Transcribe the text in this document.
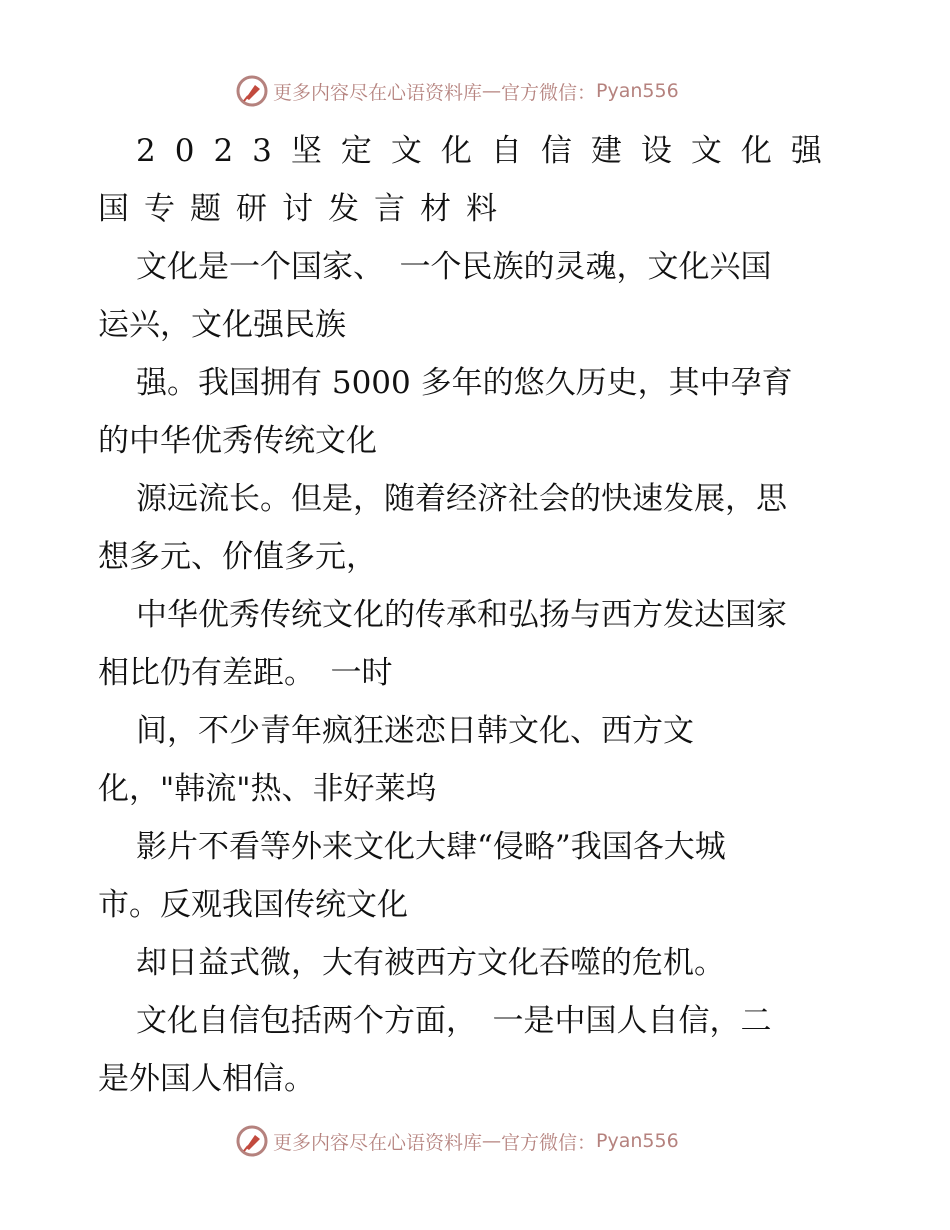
更多内容尽在心语资料库 — 官方微信： Pyan556
2023坚定文化自信建设文化强
国专题研讨发言材料
文化是一个国家、　一个民族的灵魂，文化兴国
运兴，文化强民族
强。我国拥有 5000 多年的悠久历史，其中孕育
的中华优秀传统文化
源远流长。但是，随着经济社会的快速发展，思
想多元、价值多元，
中华优秀传统文化的传承和弘扬与西方发达国家
相比仍有差距。　一时
间，不少青年疯狂迷恋日韩文化、西方文
化，"韩流"热、非好莱坞
影片不看等外来文化大肆“侵略”我国各大城
市。反观我国传统文化
却日益式微，大有被西方文化吞噬的危机。
文化自信包括两个方面，　一是中国人自信，二
是外国人相信。
更多内容尽在心语资料库 — 官方微信： Pyan556
